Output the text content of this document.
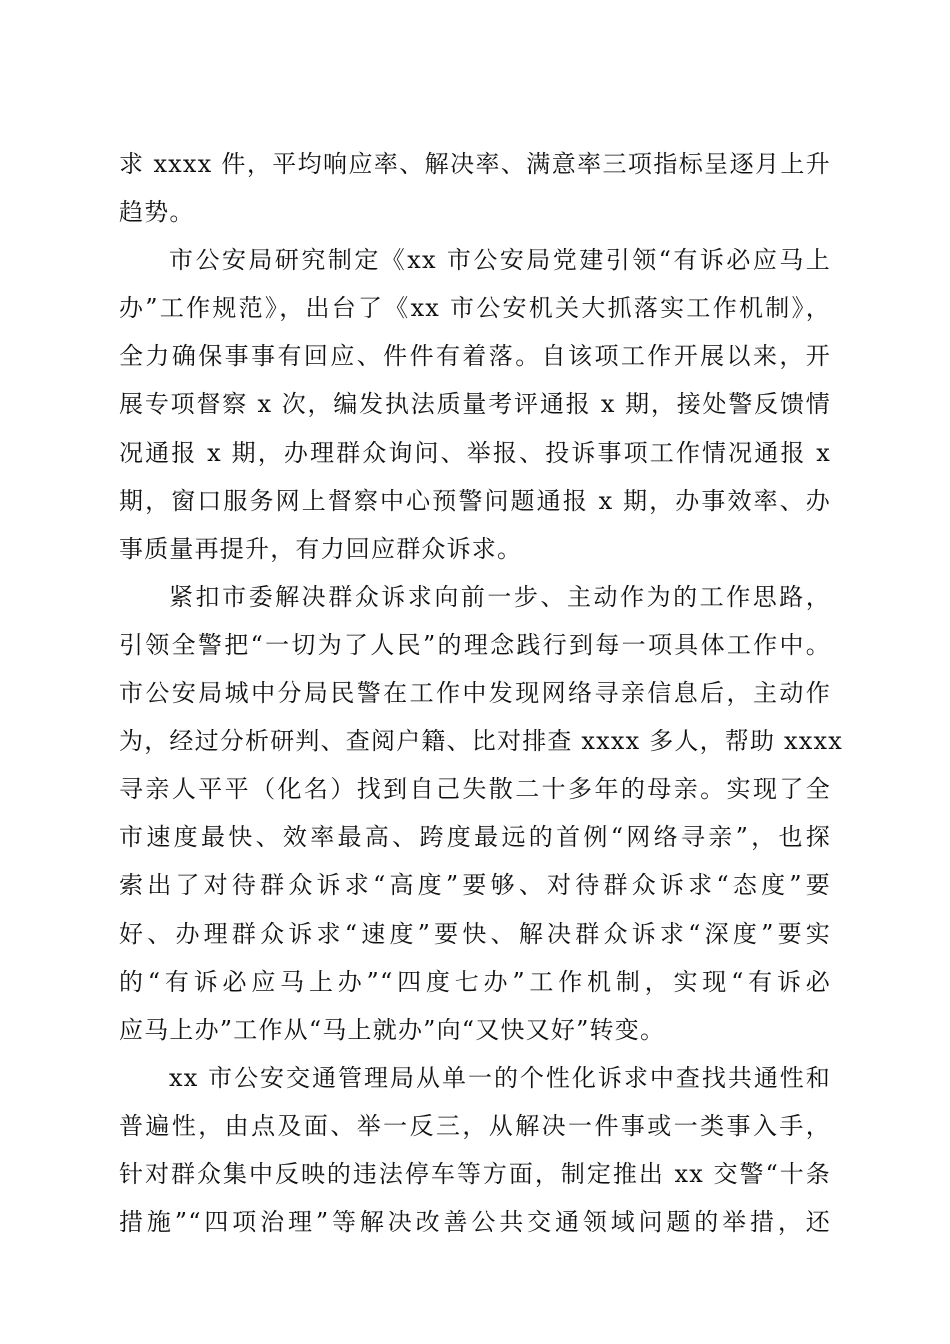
求 xxxx 件，平均响应率、解决率、满意率三项指标呈逐月上升
趋势。
市公安局研究制定《xx 市公安局党建引领“有诉必应马上
办”工作规范》，出台了《xx 市公安机关大抓落实工作机制》，
全力确保事事有回应、件件有着落。自该项工作开展以来，开
展专项督察 x 次，编发执法质量考评通报 x 期，接处警反馈情
况通报 x 期，办理群众询问、举报、投诉事项工作情况通报 x
期，窗口服务网上督察中心预警问题通报 x 期，办事效率、办
事质量再提升，有力回应群众诉求。
紧扣市委解决群众诉求向前一步、主动作为的工作思路，
引领全警把“一切为了人民”的理念践行到每一项具体工作中。
市公安局城中分局民警在工作中发现网络寻亲信息后，主动作
为，经过分析研判、查阅户籍、比对排查 xxxx 多人，帮助 xxxx
寻亲人平平（化名）找到自己失散二十多年的母亲。实现了全
市速度最快、效率最高、跨度最远的首例“网络寻亲”，也探
索出了对待群众诉求“高度”要够、对待群众诉求“态度”要
好、办理群众诉求“速度”要快、解决群众诉求“深度”要实
的“有诉必应马上办”“四度七办”工作机制，实现“有诉必
应马上办”工作从“马上就办”向“又快又好”转变。
xx 市公安交通管理局从单一的个性化诉求中查找共通性和
普遍性，由点及面、举一反三，从解决一件事或一类事入手，
针对群众集中反映的违法停车等方面，制定推出 xx 交警“十条
措施”“四项治理”等解决改善公共交通领域问题的举措，还
